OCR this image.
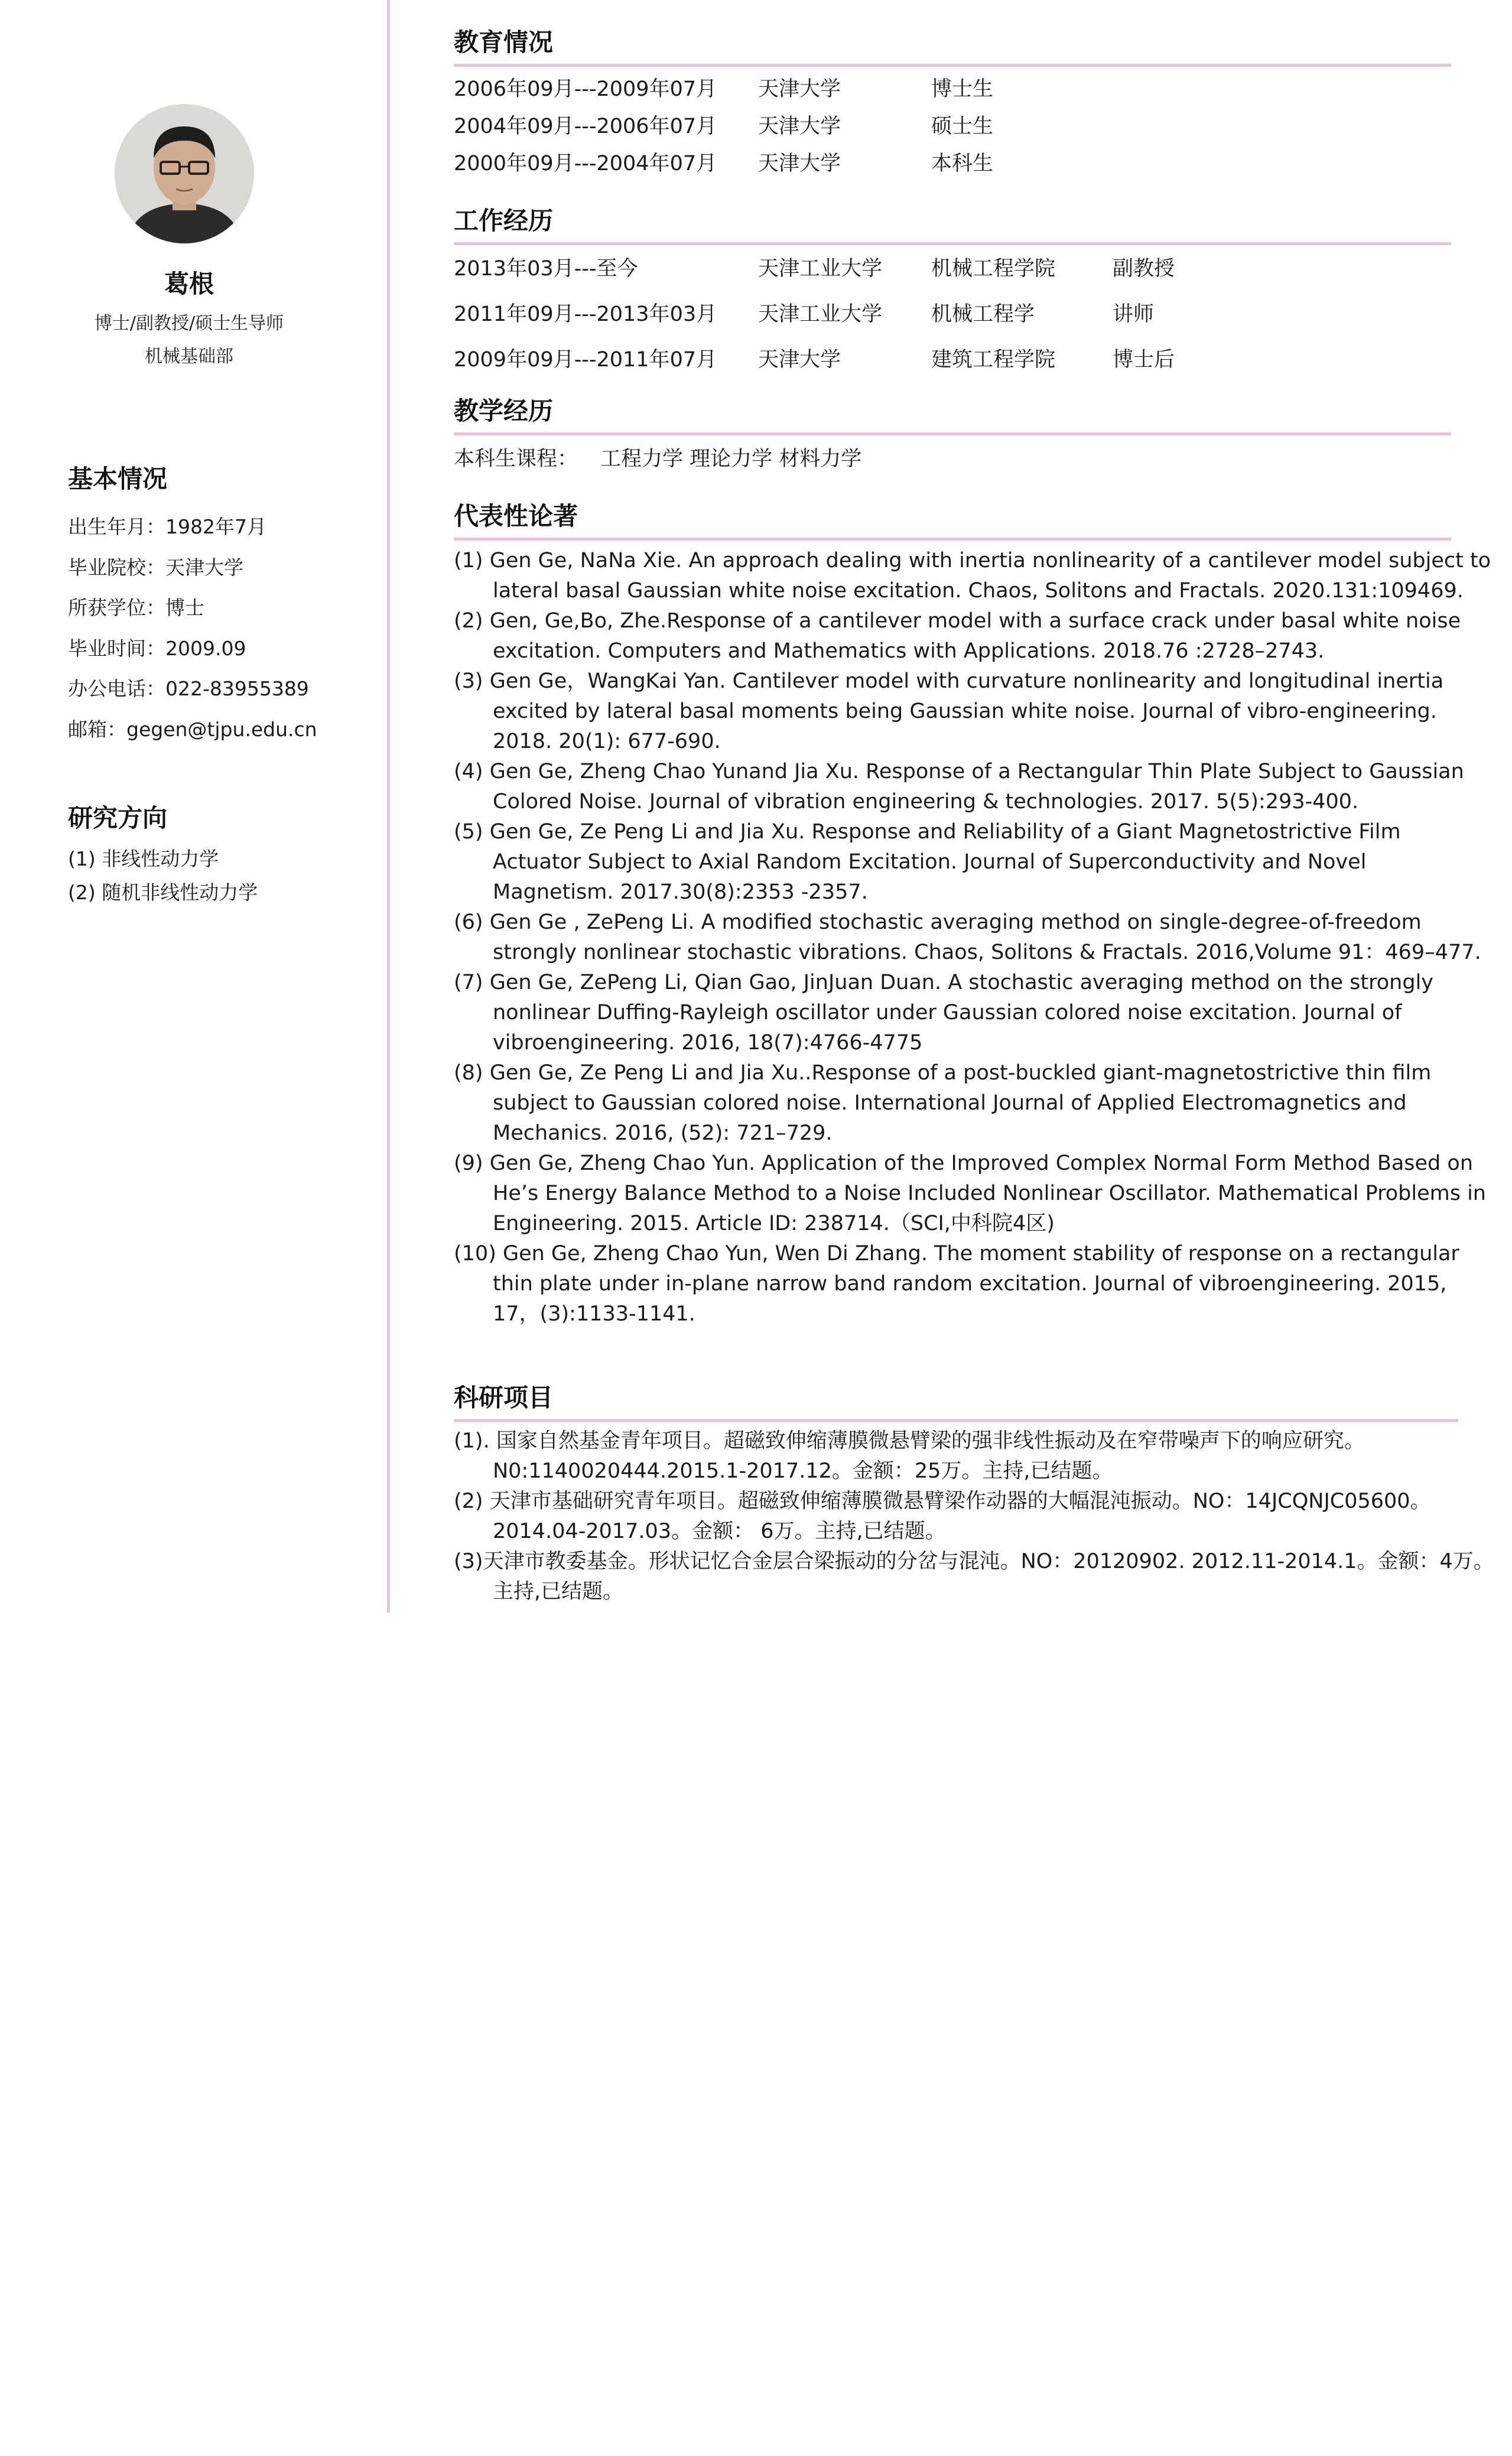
葛根
博士/副教授/硕士生导师
机械基础部
基本情况
出生年月：1982年7月
毕业院校：天津大学
所获学位：博士
毕业时间：2009.09
办公电话：022-83955389
邮箱：gegen@tjpu.edu.cn
研究方向
(1) 非线性动力学
(2) 随机非线性动力学
教育情况
2006年09月---2009年07月 天津大学	博士生
2004年09月---2006年07月 天津大学	硕士生
2000年09月---2004年07月 天津大学	本科生
工作经历
2013年03月---至今	天津工业大学 机械工程学院	副教授
2011年09月---2013年03月 天津工业大学 机械工程学	讲师
2009年09月---2011年07月 天津大学	建筑工程学院	博士后
教学经历
本科生课程： 工程力学 理论力学 材料力学
代表性论著
(1) Gen Ge, NaNa Xie. An approach dealing with inertia nonlinearity of a cantilever model subject to lateral basal Gaussian white noise excitation. Chaos, Solitons and Fractals. 2020.131:109469.
(2) Gen, Ge,Bo, Zhe.Response of a cantilever model with a surface crack under basal white noise excitation. Computers and Mathematics with Applications. 2018.76 :2728–2743.
(3) Gen Ge，WangKai Yan. Cantilever model with curvature nonlinearity and longitudinal inertia excited by lateral basal moments being Gaussian white noise. Journal of vibro-engineering. 2018. 20(1): 677-690.
(4) Gen Ge, Zheng Chao Yunand Jia Xu. Response of a Rectangular Thin Plate Subject to Gaussian Colored Noise. Journal of vibration engineering & technologies. 2017. 5(5):293-400.
(5) Gen Ge, Ze Peng Li and Jia Xu. Response and Reliability of a Giant Magnetostrictive Film Actuator Subject to Axial Random Excitation. Journal of Superconductivity and Novel Magnetism. 2017.30(8):2353 -2357.
(6) Gen Ge , ZePeng Li. A modified stochastic averaging method on single-degree-of-freedom strongly nonlinear stochastic vibrations. Chaos, Solitons & Fractals. 2016,Volume 91：469–477.
(7) Gen Ge, ZePeng Li, Qian Gao, JinJuan Duan. A stochastic averaging method on the strongly nonlinear Duffing-Rayleigh oscillator under Gaussian colored noise excitation. Journal of vibroengineering. 2016, 18(7):4766-4775
(8) Gen Ge, Ze Peng Li and Jia Xu..Response of a post-buckled giant-magnetostrictive thin film subject to Gaussian colored noise. International Journal of Applied Electromagnetics and Mechanics. 2016, (52): 721–729.
(9) Gen Ge, Zheng Chao Yun. Application of the Improved Complex Normal Form Method Based on He’s Energy Balance Method to a Noise Included Nonlinear Oscillator. Mathematical Problems in Engineering. 2015. Article ID: 238714.（SCI,中科院4区)
(10) Gen Ge, Zheng Chao Yun, Wen Di Zhang. The moment stability of response on a rectangular thin plate under in-plane narrow band random excitation. Journal of vibroengineering. 2015, 17，(3):1133-1141.
科研项目
(1). 国家自然基金青年项目。超磁致伸缩薄膜微悬臂梁的强非线性振动及在窄带噪声下的响应研究。N0:1140020444.2015.1-2017.12。金额：25万。主持,已结题。
(2) 天津市基础研究青年项目。超磁致伸缩薄膜微悬臂梁作动器的大幅混沌振动。NO：14JCQNJC05600。2014.04-2017.03。金额： 6万。主持,已结题。
(3)天津市教委基金。形状记忆合金层合梁振动的分岔与混沌。NO：20120902. 2012.11-2014.1。金额：4万。主持,已结题。
